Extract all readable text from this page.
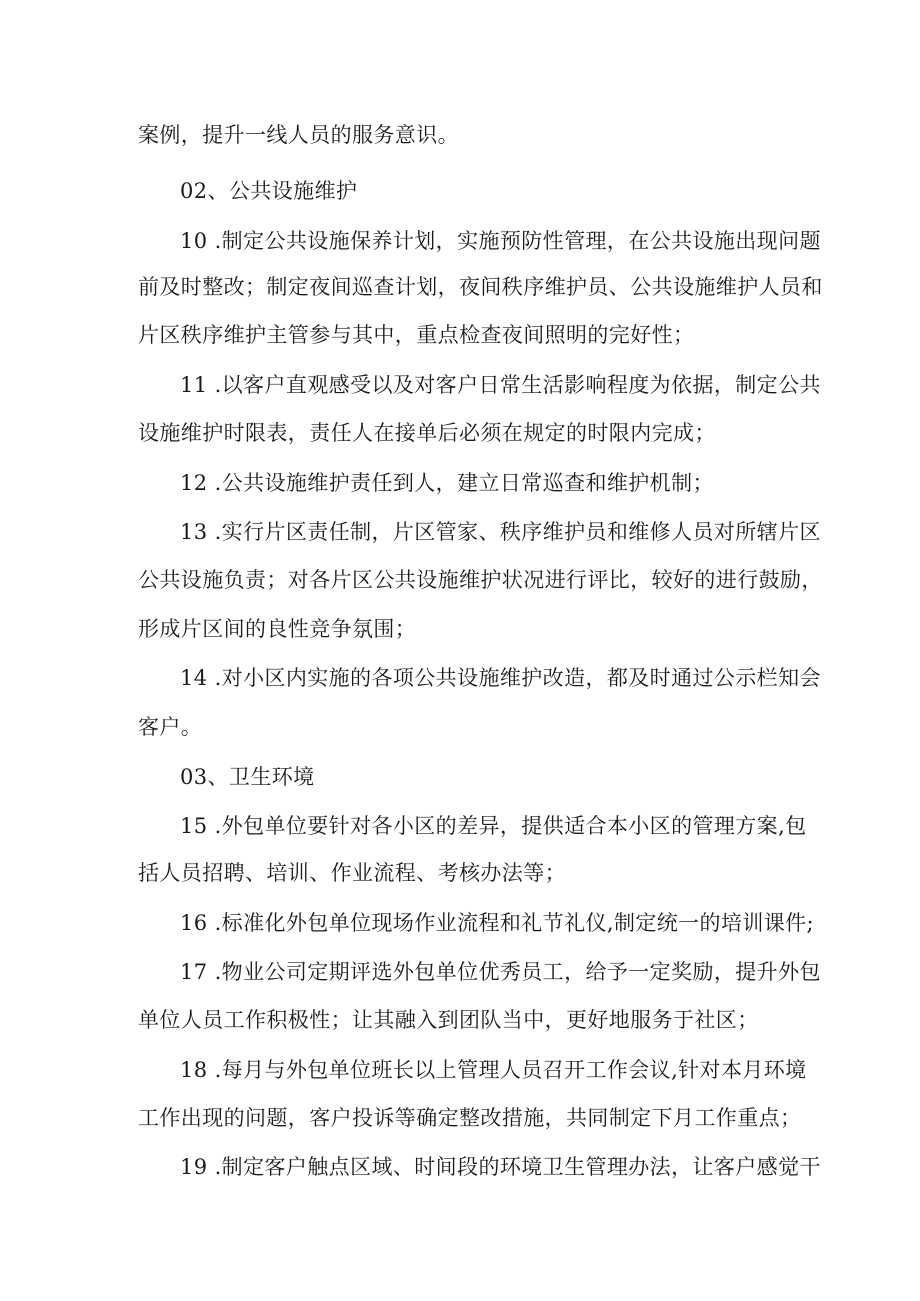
案例，提升一线人员的服务意识。
02、公共设施维护
10 .制定公共设施保养计划，实施预防性管理，在公共设施出现问题
前及时整改；制定夜间巡查计划，夜间秩序维护员、公共设施维护人员和
片区秩序维护主管参与其中，重点检查夜间照明的完好性；
11 .以客户直观感受以及对客户日常生活影响程度为依据，制定公共
设施维护时限表，责任人在接单后必须在规定的时限内完成；
12 .公共设施维护责任到人，建立日常巡查和维护机制；
13 .实行片区责任制，片区管家、秩序维护员和维修人员对所辖片区
公共设施负责；对各片区公共设施维护状况进行评比，较好的进行鼓励，
形成片区间的良性竞争氛围；
14 .对小区内实施的各项公共设施维护改造，都及时通过公示栏知会
客户。
03、卫生环境
15 .外包单位要针对各小区的差异，提供适合本小区的管理方案,包
括人员招聘、培训、作业流程、考核办法等；
16 .标准化外包单位现场作业流程和礼节礼仪,制定统一的培训课件;
17 .物业公司定期评选外包单位优秀员工，给予一定奖励，提升外包
单位人员工作积极性；让其融入到团队当中，更好地服务于社区；
18 .每月与外包单位班长以上管理人员召开工作会议,针对本月环境
工作出现的问题，客户投诉等确定整改措施，共同制定下月工作重点；
19 .制定客户触点区域、时间段的环境卫生管理办法，让客户感觉干
